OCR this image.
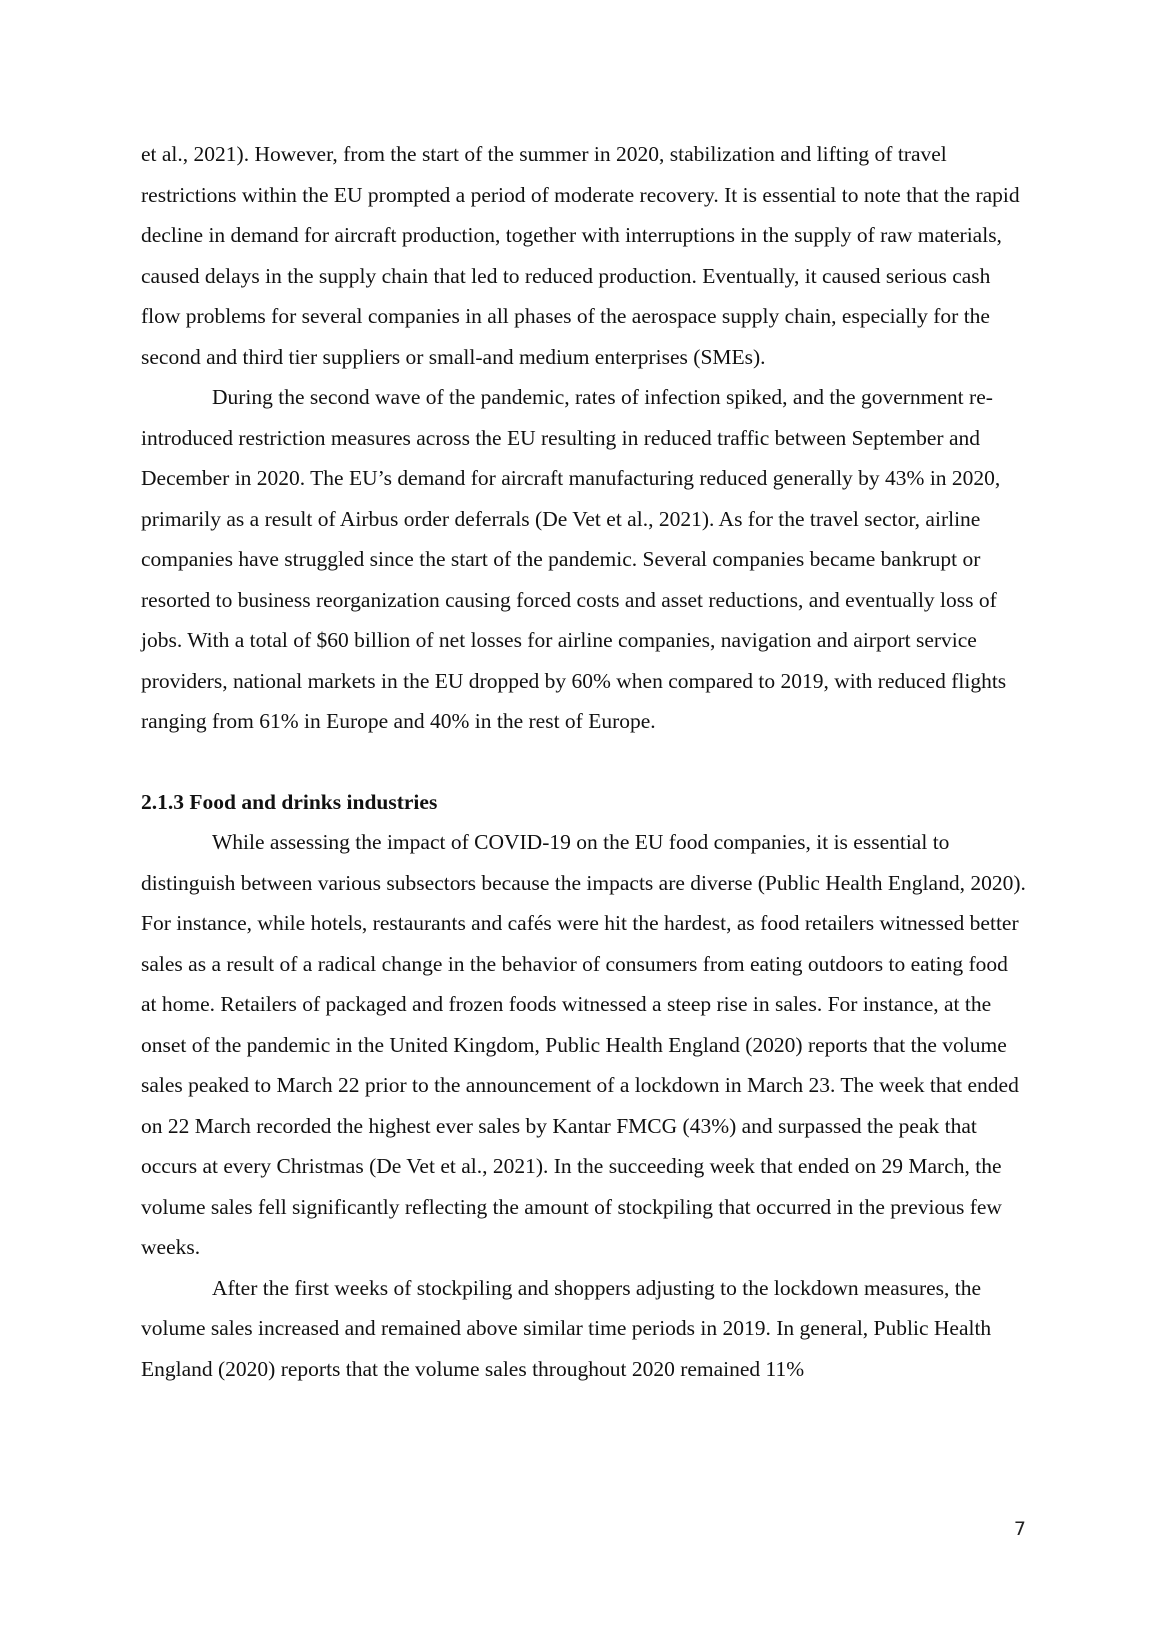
et al., 2021). However, from the start of the summer in 2020, stabilization and lifting of travel restrictions within the EU prompted a period of moderate recovery. It is essential to note that the rapid decline in demand for aircraft production, together with interruptions in the supply of raw materials, caused delays in the supply chain that led to reduced production. Eventually, it caused serious cash flow problems for several companies in all phases of the aerospace supply chain, especially for the second and third tier suppliers or small-and medium enterprises (SMEs).

During the second wave of the pandemic, rates of infection spiked, and the government re-introduced restriction measures across the EU resulting in reduced traffic between September and December in 2020. The EU’s demand for aircraft manufacturing reduced generally by 43% in 2020, primarily as a result of Airbus order deferrals (De Vet et al., 2021). As for the travel sector, airline companies have struggled since the start of the pandemic. Several companies became bankrupt or resorted to business reorganization causing forced costs and asset reductions, and eventually loss of jobs. With a total of $60 billion of net losses for airline companies, navigation and airport service providers, national markets in the EU dropped by 60% when compared to 2019, with reduced flights ranging from 61% in Europe and 40% in the rest of Europe.

2.1.3 Food and drinks industries

While assessing the impact of COVID-19 on the EU food companies, it is essential to distinguish between various subsectors because the impacts are diverse (Public Health England, 2020). For instance, while hotels, restaurants and cafés were hit the hardest, as food retailers witnessed better sales as a result of a radical change in the behavior of consumers from eating outdoors to eating food at home. Retailers of packaged and frozen foods witnessed a steep rise in sales. For instance, at the onset of the pandemic in the United Kingdom, Public Health England (2020) reports that the volume sales peaked to March 22 prior to the announcement of a lockdown in March 23. The week that ended on 22 March recorded the highest ever sales by Kantar FMCG (43%) and surpassed the peak that occurs at every Christmas (De Vet et al., 2021). In the succeeding week that ended on 29 March, the volume sales fell significantly reflecting the amount of stockpiling that occurred in the previous few weeks.

After the first weeks of stockpiling and shoppers adjusting to the lockdown measures, the volume sales increased and remained above similar time periods in 2019. In general, Public Health England (2020) reports that the volume sales throughout 2020 remained 11%

7
